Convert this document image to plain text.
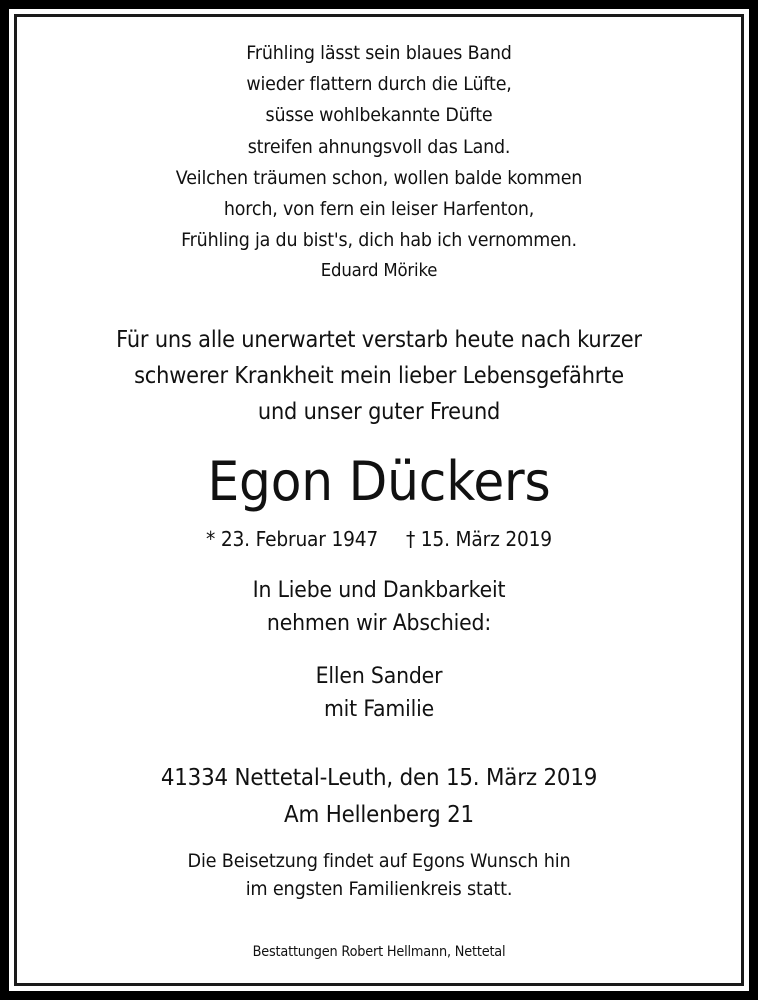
Frühling lässt sein blaues Band
wieder flattern durch die Lüfte,
süsse wohlbekannte Düfte
streifen ahnungsvoll das Land.
Veilchen träumen schon, wollen balde kommen
horch, von fern ein leiser Harfenton,
Frühling ja du bist's, dich hab ich vernommen.
Eduard Mörike
Für uns alle unerwartet verstarb heute nach kurzer
schwerer Krankheit mein lieber Lebensgefährte
und unser guter Freund
Egon Dückers
* 23. Februar 1947 † 15. März 2019
In Liebe und Dankbarkeit
nehmen wir Abschied:
Ellen Sander
mit Familie
41334 Nettetal-Leuth, den 15. März 2019
Am Hellenberg 21
Die Beisetzung findet auf Egons Wunsch hin
im engsten Familienkreis statt.
Bestattungen Robert Hellmann, Nettetal
